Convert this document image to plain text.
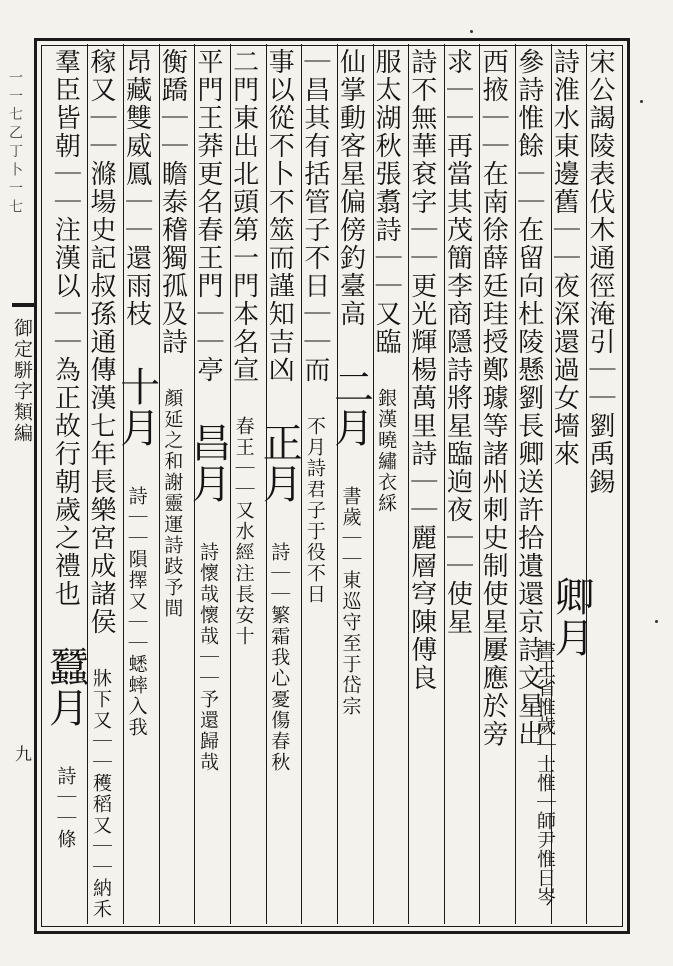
一 一 七 乙 丁 卜 一 七
御定駢字類編
九
宋公謁陵表伐木通徑淹引｜｜劉禹錫
詩淮水東邊舊｜｜夜深還過女墻來
參詩惟餘｜｜在留向杜陵懸劉長卿送許拾遺還京詩文星出
西掖｜｜在南徐薛廷珪授鄭璩等諸州刺史制使星屢應於旁
求｜｜再當其茂簡李商隱詩將星臨逈夜｜｜使星
詩不無華袞字｜｜更光輝楊萬里詩｜｜麗層穹陳傅良
服太湖秋張翥詩｜｜又臨 銀漢曉繡衣綵
仙掌動客星偏傍釣臺高 二月 書歲｜｜東巡守至于岱宗
｜昌其有括管子不日｜｜而 不月詩君子于役不日
事以從不卜不筮而謹知吉凶 正月 詩｜｜繁霜我心憂傷春秋
二門東出北頭第一門本名宣 春王｜｜又水經注長安十
平門王莽更名春王門｜｜亭 昌月 詩懷哉懷哉｜｜予還歸哉
衡蹻｜｜瞻泰稽獨孤及詩 顏延之和謝靈運詩跂予間
昂藏雙威鳳｜｜還雨枝 十月 詩｜｜隕擇又｜｜蟋蟀入我
稼又｜｜滌場史記叔孫通傳漢七年長樂宮成諸侯 牀下又｜｜穫稻又｜｜納禾
羣臣皆朝｜｜注漢以｜｜為正故行朝歲之禮也 蠶月 詩｜｜條
卿月
書王省惟歲｜士惟｜師尹惟日岑
